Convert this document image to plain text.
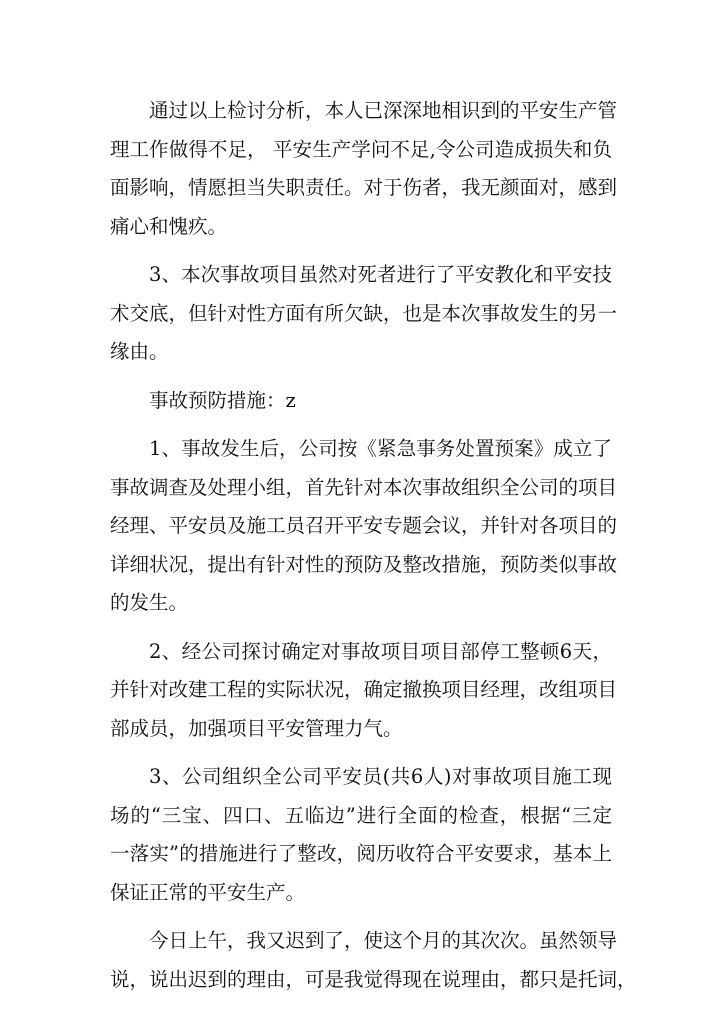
通过以上检讨分析，本人已深深地相识到的平安生产管
理工作做得不足， 平安生产学问不足,令公司造成损失和负
面影响，情愿担当失职责任。对于伤者，我无颜面对，感到
痛心和愧疚。

3、本次事故项目虽然对死者进行了平安教化和平安技
术交底，但针对性方面有所欠缺，也是本次事故发生的另一
缘由。

事故预防措施：z

1、事故发生后，公司按《紧急事务处置预案》成立了
事故调查及处理小组，首先针对本次事故组织全公司的项目
经理、平安员及施工员召开平安专题会议，并针对各项目的
详细状况，提出有针对性的预防及整改措施，预防类似事故
的发生。

2、经公司探讨确定对事故项目项目部停工整顿6天，
并针对改建工程的实际状况，确定撤换项目经理，改组项目
部成员，加强项目平安管理力气。

3、公司组织全公司平安员(共6人)对事故项目施工现
场的“三宝、四口、五临边”进行全面的检查，根据“三定
一落实”的措施进行了整改，阅历收符合平安要求，基本上
保证正常的平安生产。

今日上午，我又迟到了，使这个月的其次次。虽然领导
说，说出迟到的理由，可是我觉得现在说理由，都只是托词，
